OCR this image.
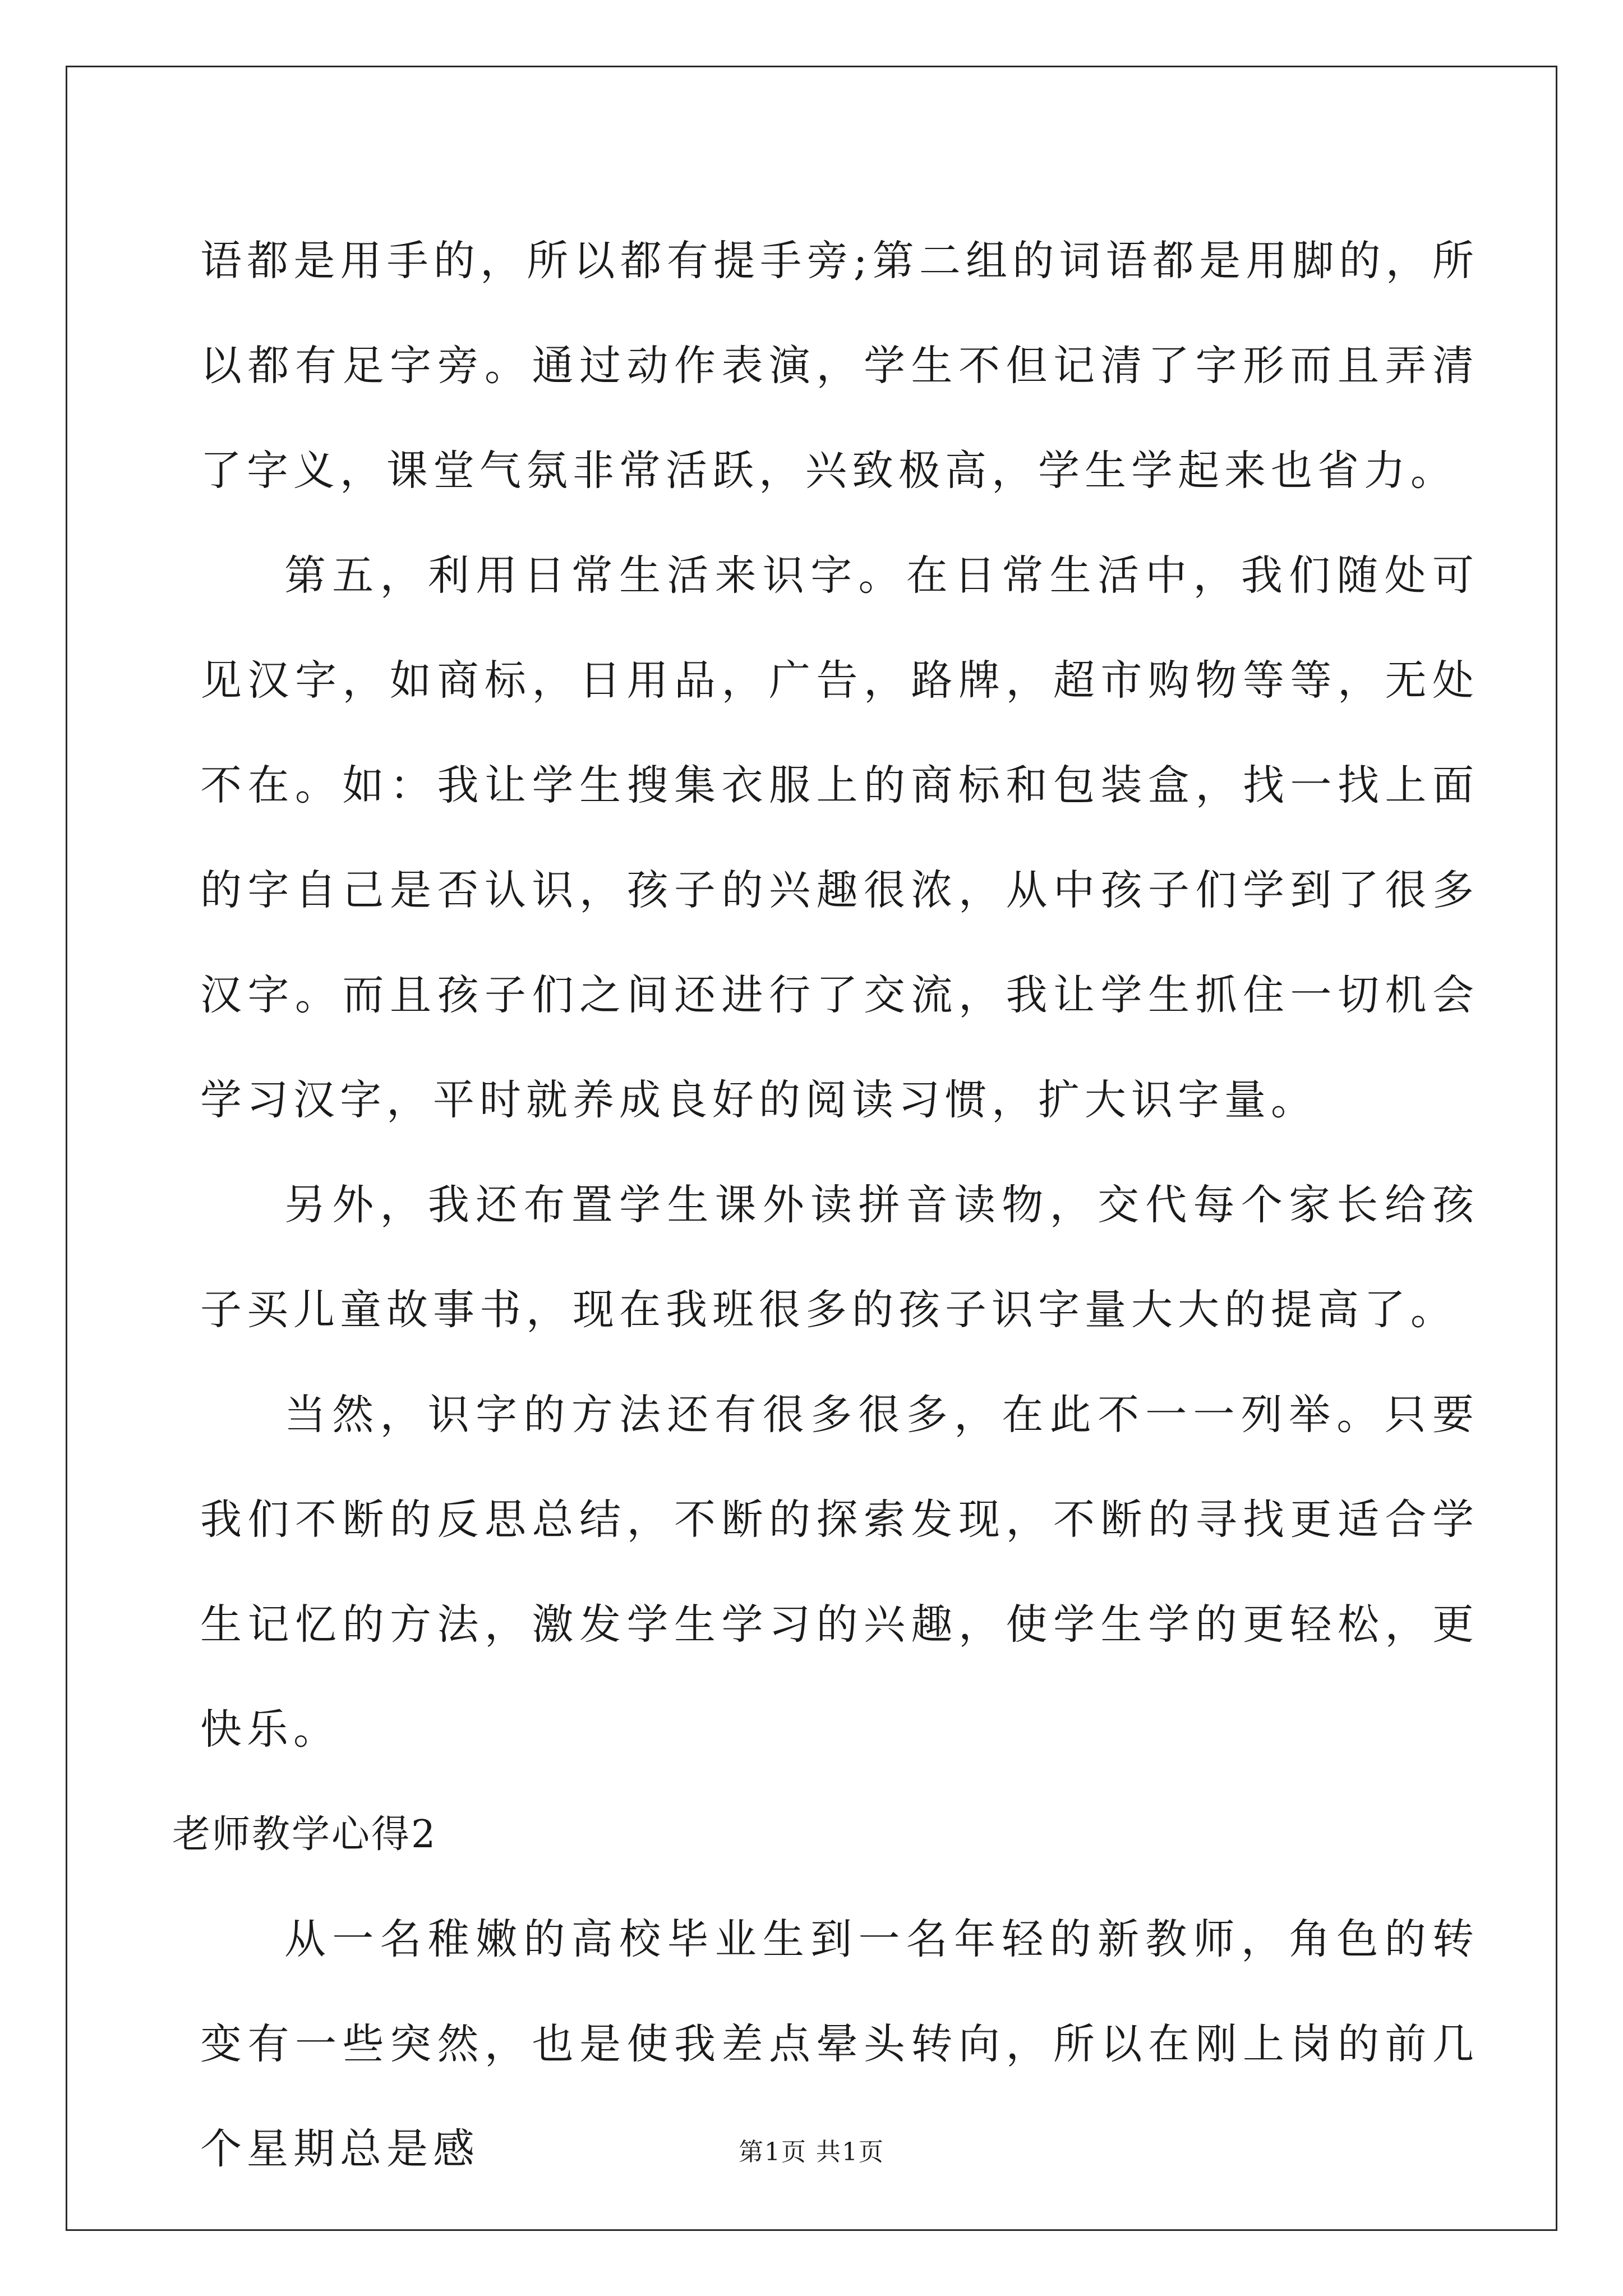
语都是用手的，所以都有提手旁;第二组的词语都是用脚的，所以都有足字旁。通过动作表演，学生不但记清了字形而且弄清了字义，课堂气氛非常活跃，兴致极高，学生学起来也省力。

第五，利用日常生活来识字。在日常生活中，我们随处可见汉字，如商标，日用品，广告，路牌，超市购物等等，无处不在。如：我让学生搜集衣服上的商标和包装盒，找一找上面的字自己是否认识，孩子的兴趣很浓，从中孩子们学到了很多汉字。而且孩子们之间还进行了交流，我让学生抓住一切机会学习汉字，平时就养成良好的阅读习惯，扩大识字量。

另外，我还布置学生课外读拼音读物，交代每个家长给孩子买儿童故事书，现在我班很多的孩子识字量大大的提高了。

当然，识字的方法还有很多很多，在此不一一列举。只要我们不断的反思总结，不断的探索发现，不断的寻找更适合学生记忆的方法，激发学生学习的兴趣，使学生学的更轻松，更快乐。

老师教学心得2

从一名稚嫩的高校毕业生到一名年轻的新教师，角色的转变有一些突然，也是使我差点晕头转向，所以在刚上岗的前几个星期总是感	第1页 共1页
